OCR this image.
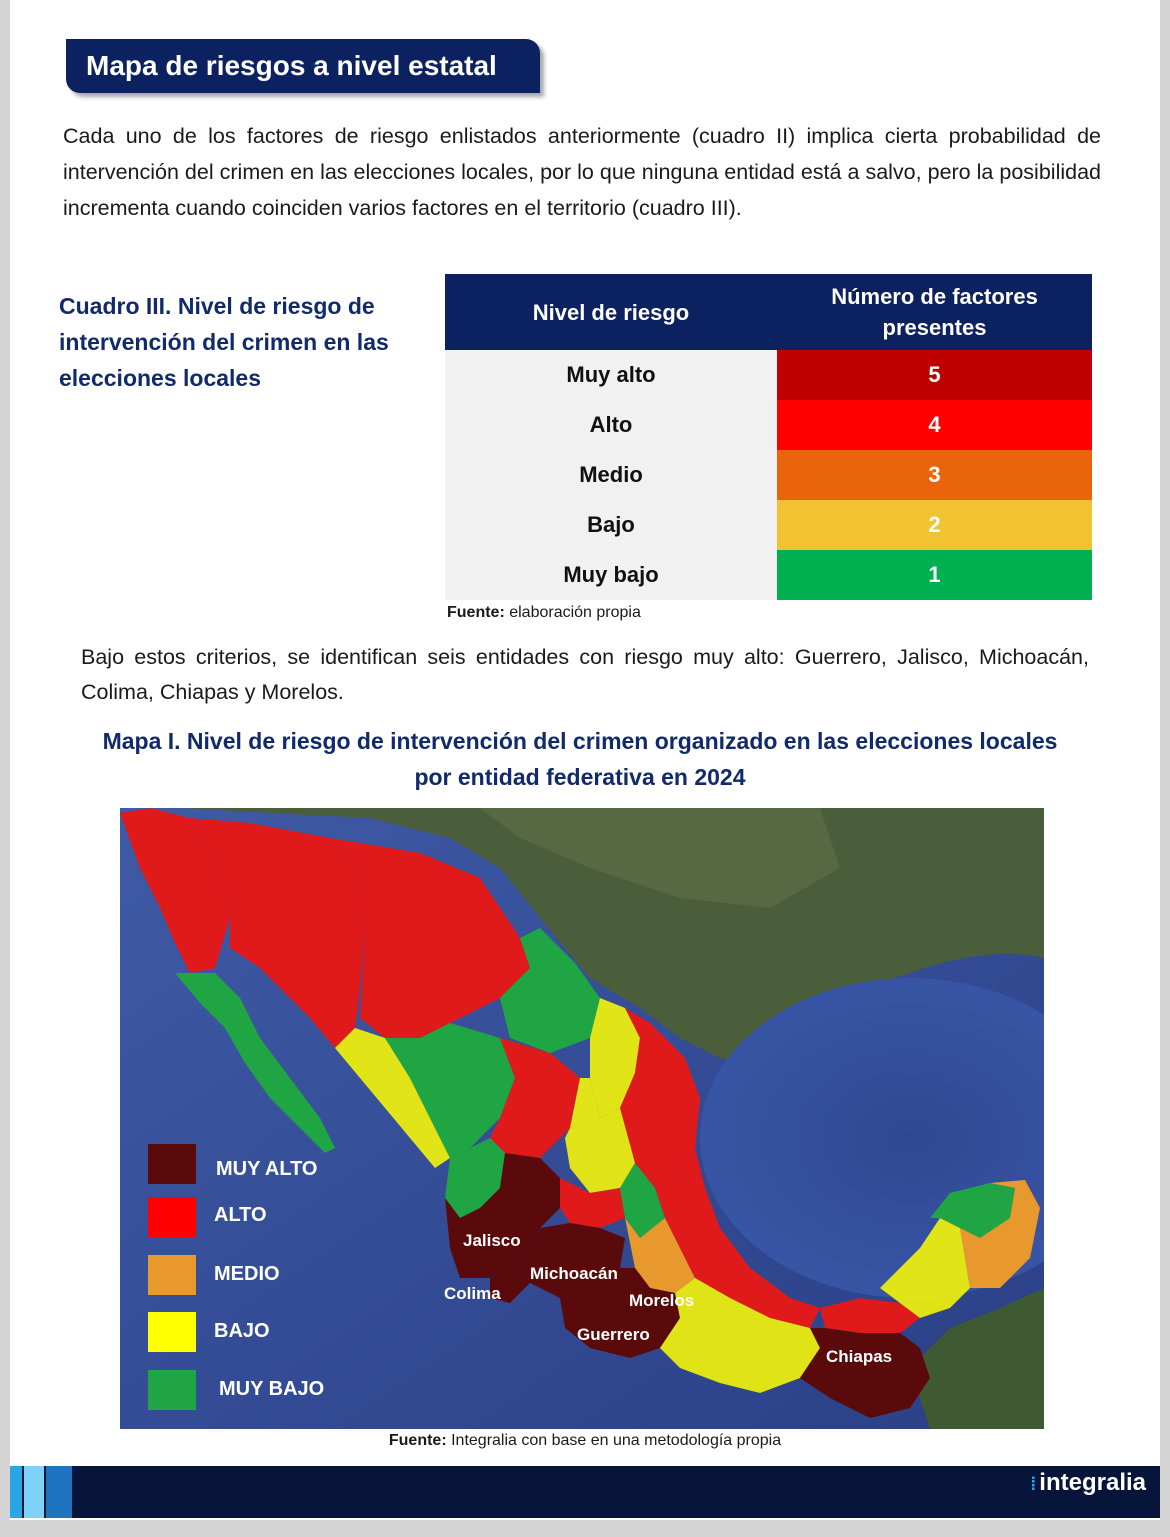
Mapa de riesgos a nivel estatal

Cada uno de los factores de riesgo enlistados anteriormente (cuadro II) implica cierta probabilidad de intervención del crimen en las elecciones locales, por lo que ninguna entidad está a salvo, pero la posibilidad incrementa cuando coinciden varios factores en el territorio (cuadro III).

Cuadro III. Nivel de riesgo de intervención del crimen en las elecciones locales

Nivel de riesgo	Número de factores presentes
Muy alto	5
Alto	4
Medio	3
Bajo	2
Muy bajo	1

Fuente: elaboración propia

Bajo estos criterios, se identifican seis entidades con riesgo muy alto: Guerrero, Jalisco, Michoacán, Colima, Chiapas y Morelos.

Mapa I. Nivel de riesgo de intervención del crimen organizado en las elecciones locales
por entidad federativa en 2024

MUY ALTO
ALTO
MEDIO
BAJO
MUY BAJO
Jalisco
Michoacán
Colima	Morelos
Guerrero
Chiapas

Fuente: Integralia con base en una metodología propia

⁞ integralia
